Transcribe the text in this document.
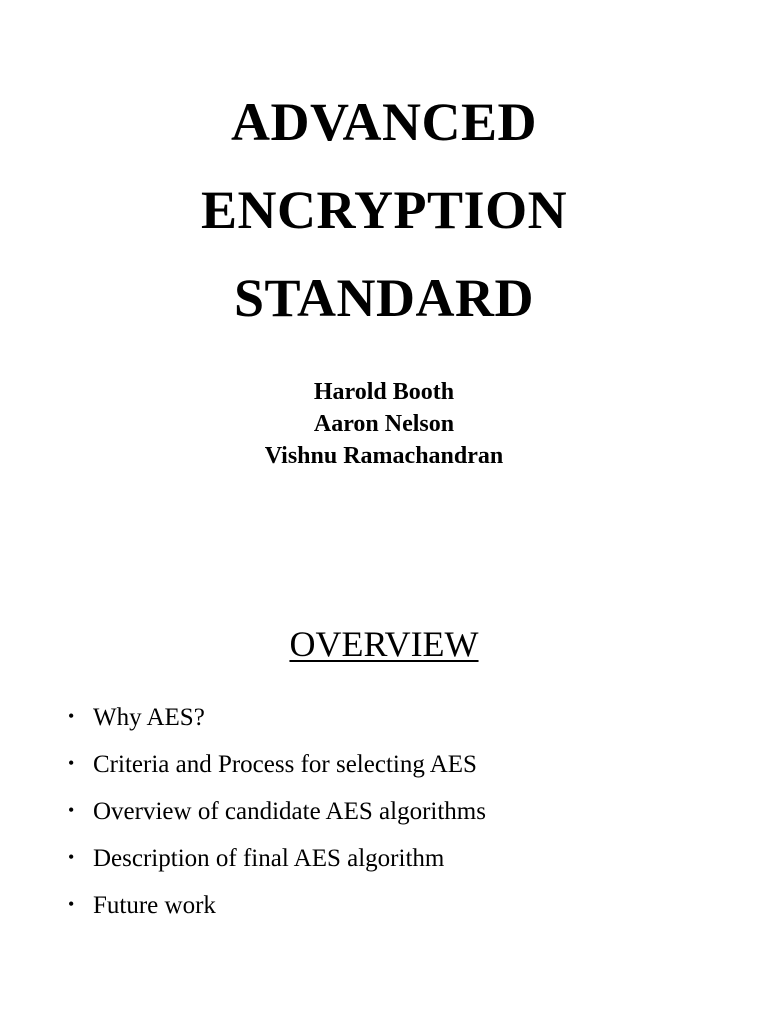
ADVANCED
ENCRYPTION
STANDARD
Harold Booth
Aaron Nelson
Vishnu Ramachandran
OVERVIEW
• Why AES?
• Criteria and Process for selecting AES
• Overview of candidate AES algorithms
• Description of final AES algorithm
• Future work
